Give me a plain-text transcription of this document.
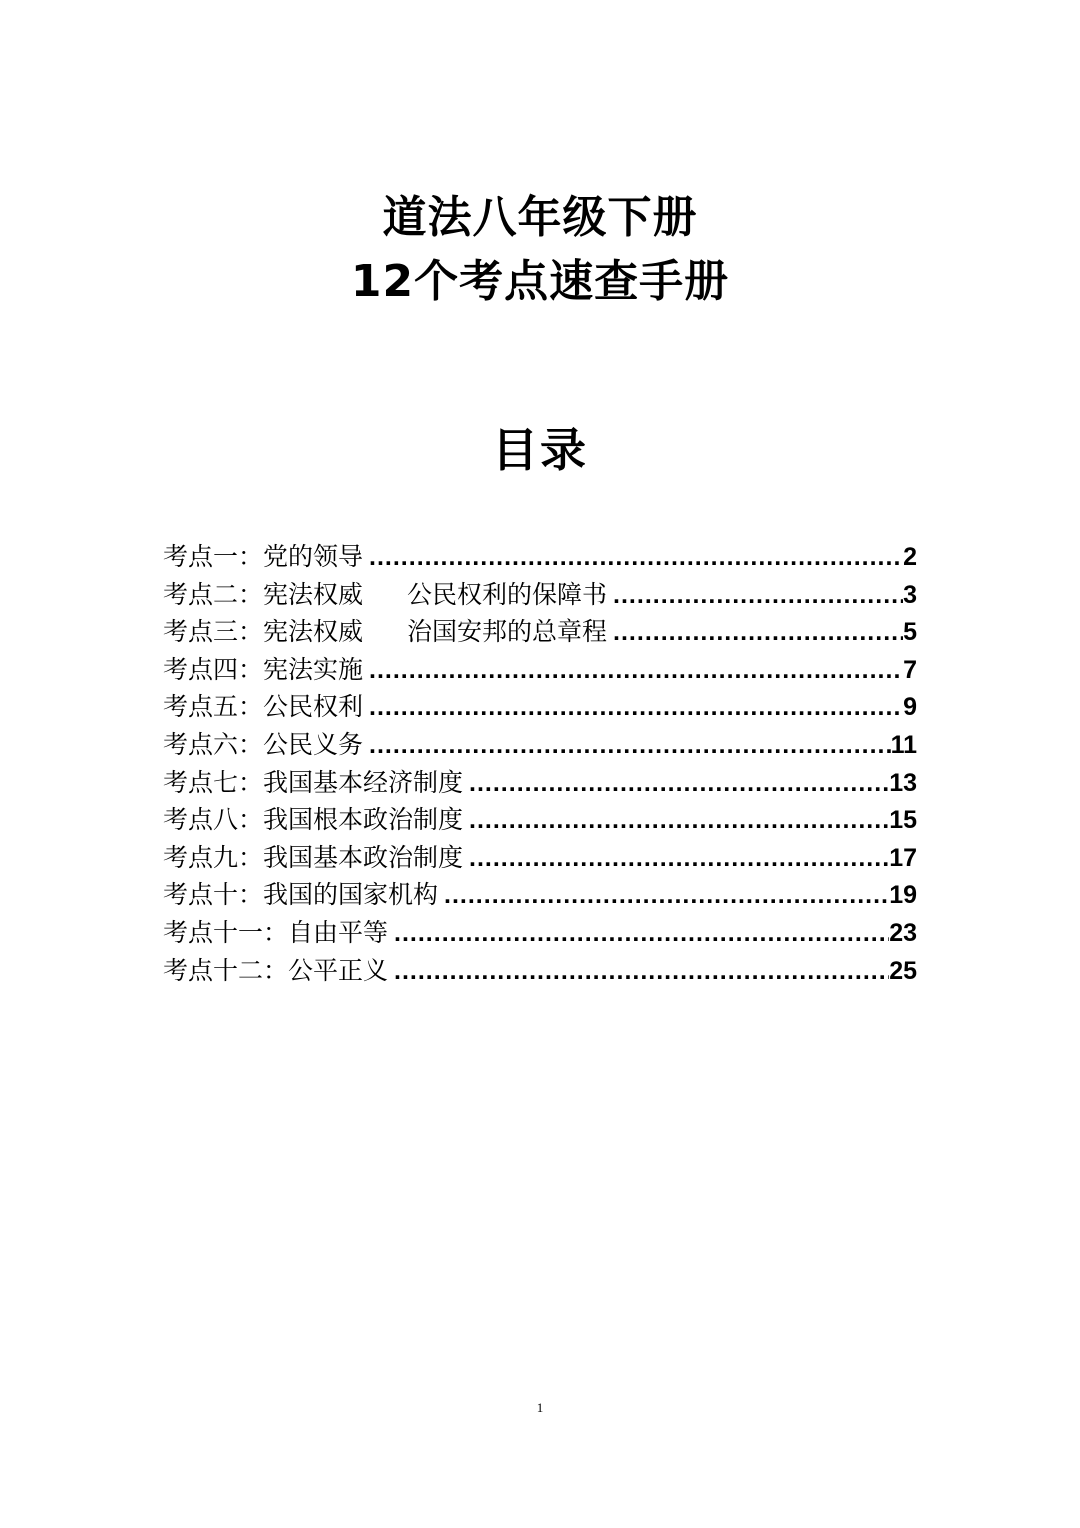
道法八年级下册
12个考点速查手册
目录
考点一：党的领导 .....	2
考点二：宪法权威 公民权利的保障书 .....	3
考点三：宪法权威 治国安邦的总章程 .....	5
考点四：宪法实施 .....	7
考点五：公民权利 .....	9
考点六：公民义务 .....	11
考点七：我国基本经济制度 .....	13
考点八：我国根本政治制度 .....	15
考点九：我国基本政治制度 .....	17
考点十：我国的国家机构 .....	19
考点十一：自由平等 .....	23
考点十二：公平正义 .....	25
1
